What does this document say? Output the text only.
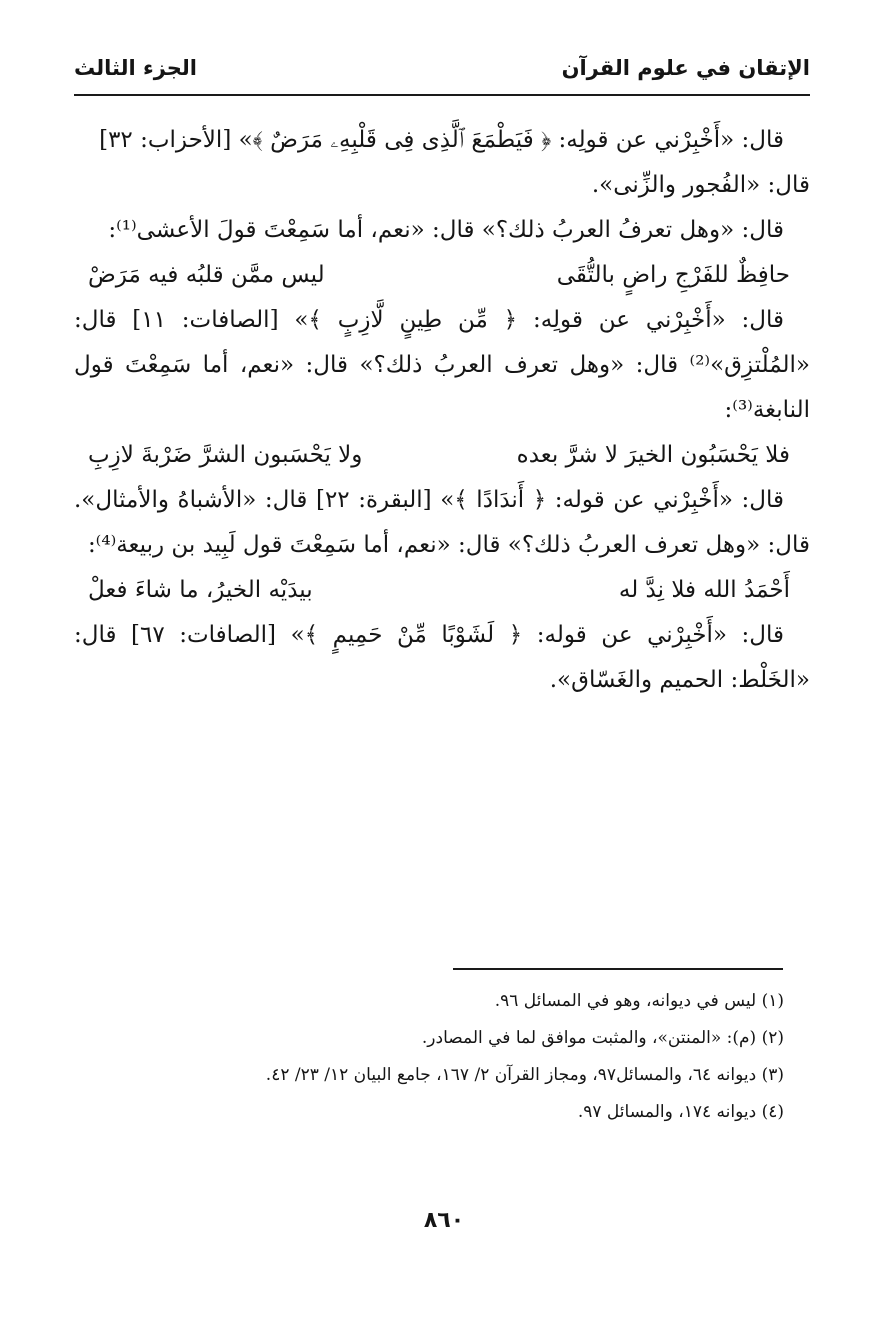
الإتقان في علوم القرآن
الجزء الثالث

قال: «أَخْبِرْني عن قولِه: ﴿ فَيَطْمَعَ ٱلَّذِى فِى قَلْبِهِۦ مَرَضٌ ﴾» [الأحزاب: ٣٢]

قال: «الفُجور والزِّنى».

قال: «وهل تعرفُ العربُ ذلك؟» قال: «نعم، أما سَمِعْتَ قولَ الأعشى⁽¹⁾:

حافِظٌ للفَرْجِ راضٍ بالتُّقَى
ليس ممَّن قلبُه فيه مَرَضْ

قال: «أَخْبِرْني عن قولِه: ﴿ مِّن طِينٍ لَّازِبٍ ﴾» [الصافات: ١١] قال: «المُلْتزِق»⁽²⁾ قال: «وهل تعرف العربُ ذلك؟» قال: «نعم، أما سَمِعْتَ قول النابغة⁽³⁾:

فلا يَحْسَبُون الخيرَ لا شرَّ بعده
ولا يَحْسَبون الشرَّ ضَرْبةَ لازِبِ

قال: «أَخْبِرْني عن قوله: ﴿ أَندَادًا ﴾» [البقرة: ٢٢] قال: «الأشباهُ والأمثال». قال: «وهل تعرف العربُ ذلك؟» قال: «نعم، أما سَمِعْتَ قول لَبِيد بن ربيعة⁽⁴⁾:

أَحْمَدُ الله فلا نِدَّ له
بيدَيْه الخيرُ، ما شاءَ فعلْ

قال: «أَخْبِرْني عن قوله: ﴿ لَشَوْبًا مِّنْ حَمِيمٍ ﴾» [الصافات: ٦٧] قال: «الخَلْط: الحميم والغَسّاق».

(١) ليس في ديوانه، وهو في المسائل ٩٦.
(٢) (م): «المنتن»، والمثبت موافق لما في المصادر.
(٣) ديوانه ٦٤، والمسائل٩٧، ومجاز القرآن ٢/ ١٦٧، جامع البيان ١٢/ ٢٣/ ٤٢.
(٤) ديوانه ١٧٤، والمسائل ٩٧.
٨٦٠
